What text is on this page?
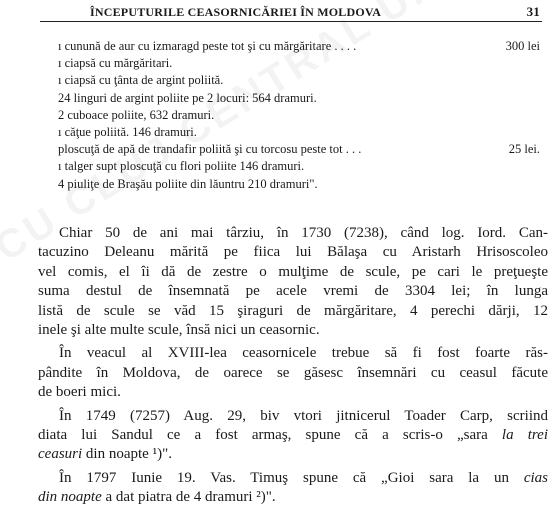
ÎNCEPUTURILE CEASORNICĂRIEI ÎN MOLDOVA	31
ı cunună de aur cu izmaragd peste tot şi cu mărgăritare . . . .	300 lei
ı ciapsă cu mărgăritari.
ı ciapsă cu ţânta de argint poliită.
24 linguri de argint poliite pe 2 locuri: 564 dramuri.
2 cuboace poliite, 632 dramuri.
ı căţue poliită. 146 dramuri.
ploscuţă de apă de trandafir poliită şi cu torcosu peste tot . . .	25 lei.
ı talger supt ploscuţă cu flori poliite 146 dramuri.
4 piuliţe de Braşău poliite din lăuntru 210 dramuri".

Chiar 50 de ani mai târziu, în 1730 (7238), când log. Iord. Can-
tacuzino Deleanu mărită pe fiica lui Bălaşa cu Aristarh Hrisoscoleo
vel comis, el îi dă de zestre o mulţime de scule, pe cari le preţueşte
suma destul de însemnată pe acele vremi de 3304 lei; în lunga
listă de scule se văd 15 şiraguri de mărgăritare, 4 perechi dărji, 12
inele şi alte multe scule, însă nici un ceasornic.

În veacul al XVIII-lea ceasornicele trebue să fi fost foarte răs-
pândite în Moldova, de oarece se găsesc însemnări cu ceasul făcute
de boeri mici.

În 1749 (7257) Aug. 29, biv vtori jitnicerul Toader Carp, scriind
diata lui Sandul ce a fost armaş, spune că a scris-o „sara la trei
ceasuri din noapte ¹)".

În 1797 Iunie 19. Vas. Timuş spune că „Gioi sara la un cias
din noapte a dat piatra de 4 dramuri ²)".
